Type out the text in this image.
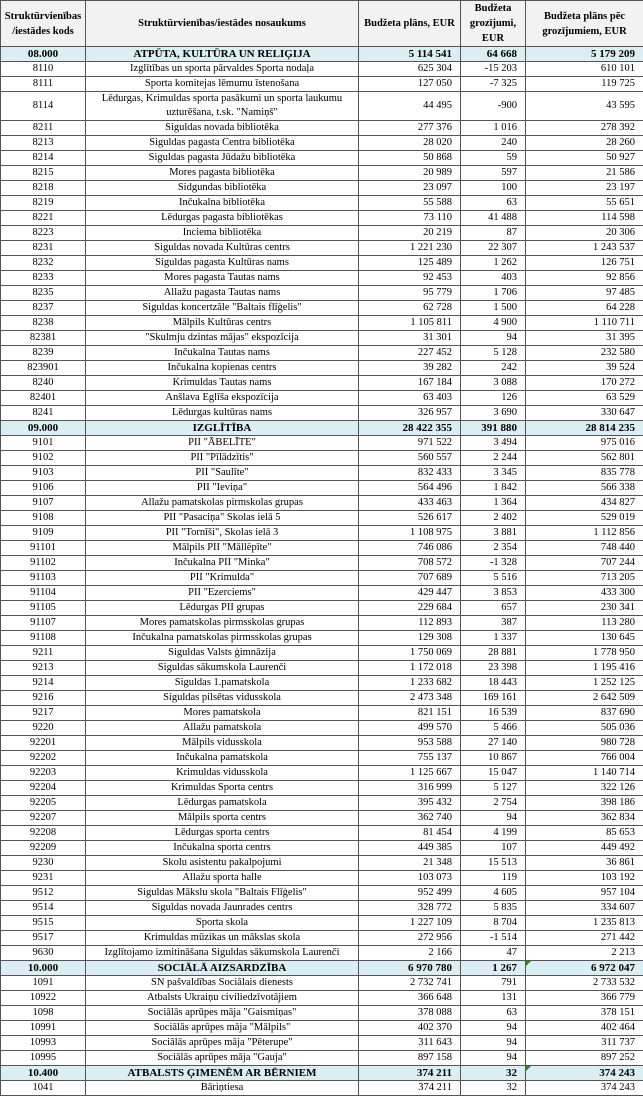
Struktūrvienības /iestādes kods	Struktūrvienības/iestādes nosaukums	Budžeta plāns, EUR	Budžeta grozījumi, EUR	Budžeta plāns pēc grozījumiem, EUR
08.000	ATPŪTA, KULTŪRA UN RELIĢIJA	5 114 541	64 668	5 179 209
8110	Izglītības un sporta pārvaldes Sporta nodaļa	625 304	-15 203	610 101
8111	Sporta komitejas lēmumu īstenošana	127 050	-7 325	119 725
8114	Lēdurgas, Krimuldas sporta pasākumi un sporta laukumu uzturēšana, t.sk. "Namiņš"	44 495	-900	43 595
8211	Siguldas novada bibliotēka	277 376	1 016	278 392
8213	Siguldas pagasta Centra bibliotēka	28 020	240	28 260
8214	Siguldas pagasta Jūdažu bibliotēka	50 868	59	50 927
8215	Mores pagasta bibliotēka	20 989	597	21 586
8218	Sidgundas bibliotēka	23 097	100	23 197
8219	Inčukalna bibliotēka	55 588	63	55 651
8221	Lēdurgas pagasta bibliotēkas	73 110	41 488	114 598
8223	Inciema bibliotēka	20 219	87	20 306
8231	Siguldas novada Kultūras centrs	1 221 230	22 307	1 243 537
8232	Siguldas pagasta Kultūras nams	125 489	1 262	126 751
8233	Mores pagasta Tautas nams	92 453	403	92 856
8235	Allažu pagasta Tautas nams	95 779	1 706	97 485
8237	Siguldas koncertzāle "Baltais flīģelis"	62 728	1 500	64 228
8238	Mālpils Kultūras centrs	1 105 811	4 900	1 110 711
82381	"Skulmju dzintas mājas" ekspozīcija	31 301	94	31 395
8239	Inčukalna Tautas nams	227 452	5 128	232 580
823901	Inčukalna kopienas centrs	39 282	242	39 524
8240	Krimuldas Tautas nams	167 184	3 088	170 272
82401	Anšlava Eglīša ekspozīcija	63 403	126	63 529
8241	Lēdurgas kultūras nams	326 957	3 690	330 647
09.000	IZGLĪTĪBA	28 422 355	391 880	28 814 235
9101	PII "ĀBELĪTE"	971 522	3 494	975 016
9102	PII "Pīlādzītis"	560 557	2 244	562 801
9103	PII "Saulīte"	832 433	3 345	835 778
9106	PII "Ieviņa"	564 496	1 842	566 338
9107	Allažu pamatskolas pirmskolas grupas	433 463	1 364	434 827
9108	PII "Pasaciņa" Skolas ielā 5	526 617	2 402	529 019
9109	PII "Tornīši", Skolas ielā 3	1 108 975	3 881	1 112 856
91101	Mālpils PII "Māllēpīte"	746 086	2 354	748 440
91102	Inčukalna PII "Minka"	708 572	-1 328	707 244
91103	PII "Krimulda"	707 689	5 516	713 205
91104	PII "Ezerciems"	429 447	3 853	433 300
91105	Lēdurgas PII grupas	229 684	657	230 341
91107	Mores pamatskolas pirmsskolas grupas	112 893	387	113 280
91108	Inčukalna pamatskolas pirmsskolas grupas	129 308	1 337	130 645
9211	Siguldas Valsts ģimnāzija	1 750 069	28 881	1 778 950
9213	Siguldas sākumskola Laurenči	1 172 018	23 398	1 195 416
9214	Siguldas 1.pamatskola	1 233 682	18 443	1 252 125
9216	Siguldas pilsētas vidusskola	2 473 348	169 161	2 642 509
9217	Mores pamatskola	821 151	16 539	837 690
9220	Allažu pamatskola	499 570	5 466	505 036
92201	Mālpils vidusskola	953 588	27 140	980 728
92202	Inčukalna pamatskola	755 137	10 867	766 004
92203	Krimuldas vidusskola	1 125 667	15 047	1 140 714
92204	Krimuldas Sporta centrs	316 999	5 127	322 126
92205	Lēdurgas pamatskola	395 432	2 754	398 186
92207	Mālpils sporta centrs	362 740	94	362 834
92208	Lēdurgas sporta centrs	81 454	4 199	85 653
92209	Inčukalna sporta centrs	449 385	107	449 492
9230	Skolu asistentu pakalpojumi	21 348	15 513	36 861
9231	Allažu sporta halle	103 073	119	103 192
9512	Siguldas Mākslu skola "Baltais Flīģelis"	952 499	4 605	957 104
9514	Siguldas novada Jaunrades centrs	328 772	5 835	334 607
9515	Sporta skola	1 227 109	8 704	1 235 813
9517	Krimuldas mūzikas un mākslas skola	272 956	-1 514	271 442
9630	Izglītojamo izmitināšana Siguldas sākumskola Laurenči	2 166	47	2 213
10.000	SOCIĀLĀ AIZSARDZĪBA	6 970 780	1 267	6 972 047
1091	SN pašvaldības Sociālais dienests	2 732 741	791	2 733 532
10922	Atbalsts Ukraiņu civiliedzīvotājiem	366 648	131	366 779
1098	Sociālās aprūpes māja "Gaismiņas"	378 088	63	378 151
10991	Sociālās aprūpes māja "Mālpils"	402 370	94	402 464
10993	Sociālās aprūpes māja "Pēterupe"	311 643	94	311 737
10995	Sociālās aprūpes māja "Gauja"	897 158	94	897 252
10.400	ATBALSTS ĢIMENĒM AR BĒRNIEM	374 211	32	374 243
1041	Bāriņtiesa	374 211	32	374 243
